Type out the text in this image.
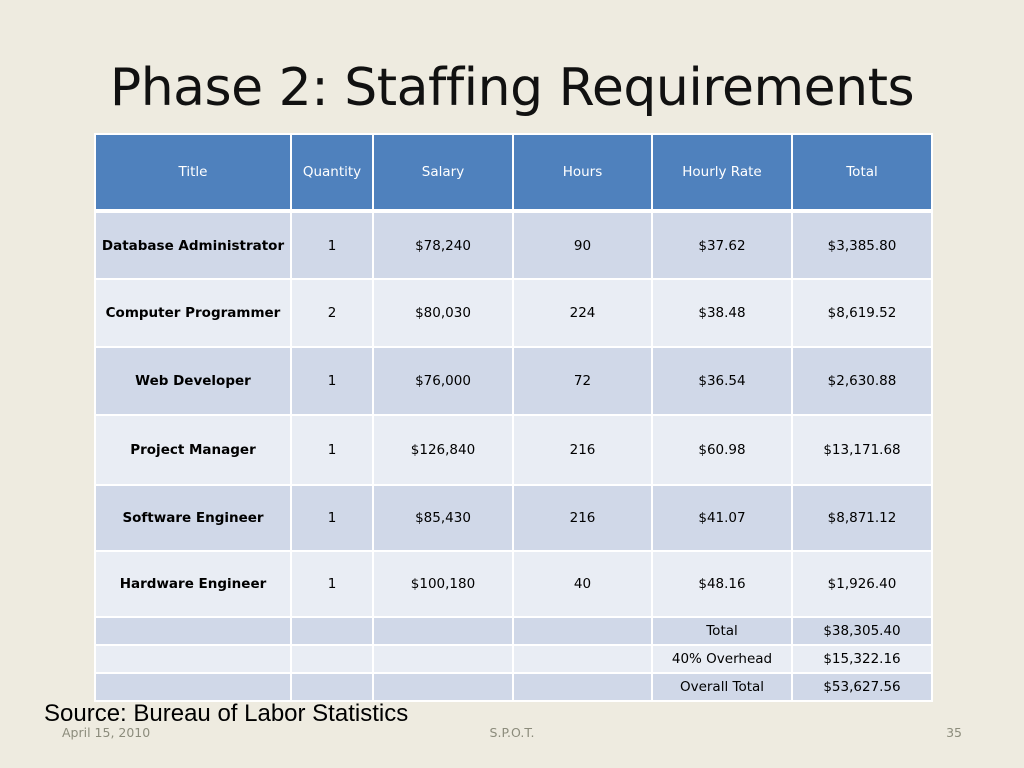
Phase 2: Staffing Requirements
Title	Quantity	Salary	Hours	Hourly Rate	Total
Database Administrator	1	$78,240	90	$37.62	$3,385.80
Computer Programmer	2	$80,030	224	$38.48	$8,619.52
Web Developer	1	$76,000	72	$36.54	$2,630.88
Project Manager	1	$126,840	216	$60.98	$13,171.68
Software Engineer	1	$85,430	216	$41.07	$8,871.12
Hardware Engineer	1	$100,180	40	$48.16	$1,926.40
				Total	$38,305.40
				40% Overhead	$15,322.16
				Overall Total	$53,627.56
Source: Bureau of Labor Statistics
April 15, 2010	S.P.O.T.	35
